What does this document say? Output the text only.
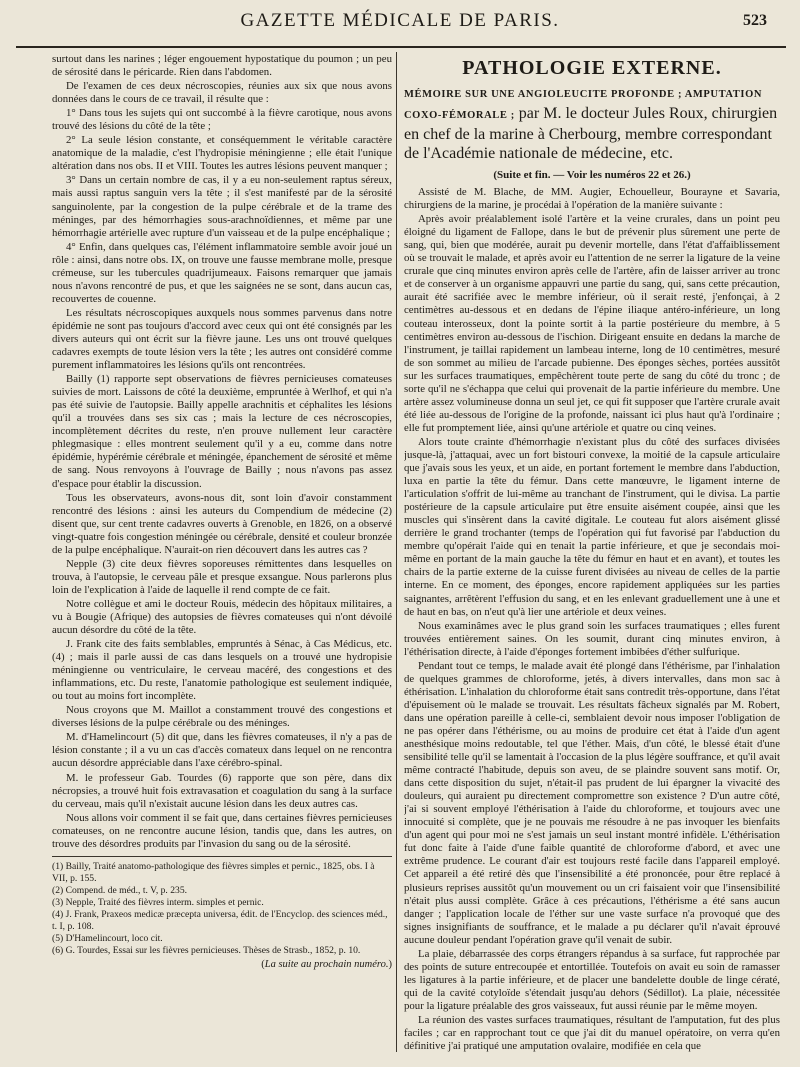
GAZETTE MÉDICALE DE PARIS.	523

surtout dans les narines ; léger engouement hypostatique du poumon ; un peu de sérosité dans le péricarde. Rien dans l'abdomen.

De l'examen de ces deux nécroscopies, réunies aux six que nous avons données dans le cours de ce travail, il résulte que :

1° Dans tous les sujets qui ont succombé à la fièvre carotique, nous avons trouvé des lésions du côté de la tête ;

2° La seule lésion constante, et conséquemment le véritable caractère anatomique de la maladie, c'est l'hydropisie méningienne ; elle était l'unique altération dans nos obs. II et VIII. Toutes les autres lésions peuvent manquer ;

3° Dans un certain nombre de cas, il y a eu non-seulement raptus séreux, mais aussi raptus sanguin vers la tête ; il s'est manifesté par de la sérosité sanguinolente, par la congestion de la pulpe cérébrale et de la trame des méninges, par des hémorrhagies sous-arachnoïdiennes, et même par une hémorrhagie artérielle avec rupture d'un vaisseau et de la pulpe encéphalique ;

4° Enfin, dans quelques cas, l'élément inflammatoire semble avoir joué un rôle : ainsi, dans notre obs. IX, on trouve une fausse membrane molle, presque crémeuse, sur les tubercules quadrijumeaux. Faisons remarquer que jamais nous n'avons rencontré de pus, et que les saignées ne se sont, dans aucun cas, recouvertes de couenne.

Les résultats nécroscopiques auxquels nous sommes parvenus dans notre épidémie ne sont pas toujours d'accord avec ceux qui ont été consignés par les divers auteurs qui ont écrit sur la fièvre jaune. Les uns ont trouvé quelques cadavres exempts de toute lésion vers la tête ; les autres ont considéré comme purement inflammatoires les lésions qu'ils ont rencontrées.

Bailly (1) rapporte sept observations de fièvres pernicieuses comateuses suivies de mort. Laissons de côté la deuxième, empruntée à Werlhof, et qui n'a pas été suivie de l'autopsie. Bailly appelle arachnitis et céphalites les lésions qu'il a trouvées dans ses six cas ; mais la lecture de ces nécroscopies, incomplètement décrites du reste, n'en prouve nullement leur caractère phlegmasique : elles montrent seulement qu'il y a eu, comme dans notre épidémie, hypérémie cérébrale et méningée, épanchement de sérosité et même de sang. Nous renvoyons à l'ouvrage de Bailly ; nous n'avons pas assez d'espace pour établir la discussion.

Tous les observateurs, avons-nous dit, sont loin d'avoir constamment rencontré des lésions : ainsi les auteurs du Compendium de médecine (2) disent que, sur cent trente cadavres ouverts à Grenoble, en 1826, on a observé vingt-quatre fois congestion méningée ou cérébrale, densité et couleur bronzée de la pulpe encéphalique. N'aurait-on rien découvert dans les autres cas ?

Nepple (3) cite deux fièvres soporeuses rémittentes dans lesquelles on trouva, à l'autopsie, le cerveau pâle et presque exsangue. Nous parlerons plus loin de l'explication à l'aide de laquelle il rend compte de ce fait.

Notre collègue et ami le docteur Rouis, médecin des hôpitaux militaires, a vu à Bougie (Afrique) des autopsies de fièvres comateuses qui n'ont dévoilé aucun désordre du côté de la tête.

J. Frank cite des faits semblables, empruntés à Sénac, à Cas Médicus, etc. (4) ; mais il parle aussi de cas dans lesquels on a trouvé une hydropisie méningienne ou ventriculaire, le cerveau macéré, des congestions et des inflammations, etc. Du reste, l'anatomie pathologique est seulement indiquée, ou tout au moins fort incomplète.

Nous croyons que M. Maillot a constamment trouvé des congestions et diverses lésions de la pulpe cérébrale ou des méninges.

M. d'Hamelincourt (5) dit que, dans les fièvres comateuses, il n'y a pas de lésion constante ; il a vu un cas d'accès comateux dans lequel on ne rencontra aucun désordre appréciable dans l'axe cérébro-spinal.

M. le professeur Gab. Tourdes (6) rapporte que son père, dans dix nécropsies, a trouvé huit fois extravasation et coagulation du sang à la surface du cerveau, mais qu'il n'existait aucune lésion dans les deux autres cas.

Nous allons voir comment il se fait que, dans certaines fièvres pernicieuses comateuses, on ne rencontre aucune lésion, tandis que, dans les autres, on trouve des désordres produits par l'invasion du sang ou de la sérosité.

(1) Bailly, Traité anatomo-pathologique des fièvres simples et pernic., 1825, obs. I à VII, p. 155.

(2) Compend. de méd., t. V, p. 235.

(3) Nepple, Traité des fièvres interm. simples et pernic.

(4) J. Frank, Praxeos medicæ præcepta universa, édit. de l'Encyclop. des sciences méd., t. I, p. 108.

(5) D'Hamelincourt, loco cit.

(6) G. Tourdes, Essai sur les fièvres pernicieuses. Thèses de Strasb., 1852, p. 10.

( La suite au prochain numéro. )
PATHOLOGIE EXTERNE.
MÉMOIRE SUR UNE ANGIOLEUCITE PROFONDE ; AMPUTATION COXO-FÉMORALE ; par M. le docteur Jules Roux, chirurgien en chef de la marine à Cherbourg, membre correspondant de l'Académie nationale de médecine, etc.
(Suite et fin. — Voir les numéros 22 et 26.)

Assisté de M. Blache, de MM. Augier, Echouelleur, Bourayne et Savaria, chirurgiens de la marine, je procédai à l'opération de la manière suivante :

Après avoir préalablement isolé l'artère et la veine crurales, dans un point peu éloigné du ligament de Fallope, dans le but de prévenir plus sûrement une perte de sang, qui, bien que modérée, aurait pu devenir mortelle, dans l'état d'affaiblissement où se trouvait le malade, et après avoir eu l'attention de ne serrer la ligature de la veine crurale que cinq minutes environ après celle de l'artère, afin de laisser arriver au tronc et de conserver à un organisme appauvri une partie du sang, qui, sans cette précaution, aurait été sacrifiée avec le membre inférieur, où il serait resté, j'enfonçai, à 2 centimètres au-dessous et en dedans de l'épine iliaque antéro-inférieure, un long couteau interosseux, dont la pointe sortit à la partie postérieure du membre, à 5 centimètres environ au-dessous de l'ischion. Dirigeant ensuite en dedans la marche de l'instrument, je taillai rapidement un lambeau interne, long de 10 centimètres, mesuré de son sommet au milieu de l'arcade pubienne. Des éponges sèches, portées aussitôt sur les surfaces traumatiques, empêchèrent toute perte de sang du côté du tronc ; de sorte qu'il ne s'échappa que celui qui provenait de la partie inférieure du membre. Une artère assez volumineuse donna un seul jet, ce qui fit supposer que l'artère crurale avait été liée au-dessous de l'origine de la profonde, naissant ici plus haut qu'à l'ordinaire ; elle fut promptement liée, ainsi qu'une artériole et quatre ou cinq veines.

Alors toute crainte d'hémorrhagie n'existant plus du côté des surfaces divisées jusque-là, j'attaquai, avec un fort bistouri convexe, la moitié de la capsule articulaire que j'avais sous les yeux, et un aide, en portant fortement le membre dans l'abduction, luxa en partie la tête du fémur. Dans cette manœuvre, le ligament interne de l'articulation s'offrit de lui-même au tranchant de l'instrument, qui le divisa. La partie postérieure de la capsule articulaire put être ensuite aisément coupée, ainsi que les muscles qui s'insèrent dans la cavité digitale. Le couteau fut alors aisément glissé derrière le grand trochanter (temps de l'opération qui fut favorisé par l'abduction du membre qu'opérait l'aide qui en tenait la partie inférieure, et que je secondais moi-même en portant de la main gauche la tête du fémur en haut et en avant), et toutes les chairs de la partie externe de la cuisse furent divisées au niveau de celles de la partie interne. En ce moment, des éponges, encore rapidement appliquées sur les parties saignantes, arrêtèrent l'effusion du sang, et en les enlevant graduellement une à une et de haut en bas, on n'eut qu'à lier une artériole et deux veines.

Nous examinâmes avec le plus grand soin les surfaces traumatiques ; elles furent trouvées entièrement saines. On les soumit, durant cinq minutes environ, à l'éthérisation directe, à l'aide d'éponges fortement imbibées d'éther sulfurique.

Pendant tout ce temps, le malade avait été plongé dans l'éthérisme, par l'inhalation de quelques grammes de chloroforme, jetés, à divers intervalles, dans mon sac à éthérisation. L'inhalation du chloroforme était sans contredit très-opportune, dans l'état d'épuisement où le malade se trouvait. Les résultats fâcheux signalés par M. Robert, dans une opération pareille à celle-ci, semblaient devoir nous imposer l'obligation de ne pas opérer dans l'éthérisme, ou au moins de produire cet état à l'aide d'un agent anesthésique moins redoutable, tel que l'éther. Mais, d'un côté, le blessé était d'une sensibilité telle qu'il se lamentait à l'occasion de la plus légère souffrance, et qu'il avait même contracté l'habitude, depuis son aveu, de se plaindre souvent sans motif. Or, dans cette disposition du sujet, n'était-il pas prudent de lui épargner la vivacité des douleurs, qui auraient pu directement compromettre son existence ? D'un autre côté, j'ai si souvent employé l'éthérisation à l'aide du chloroforme, et toujours avec une innocuité si complète, que je ne pouvais me résoudre à ne pas invoquer les bienfaits d'un agent qui pour moi ne s'est jamais un seul instant montré infidèle. L'éthérisation fut donc faite à l'aide d'une faible quantité de chloroforme d'abord, et avec une extrême prudence. Le courant d'air est toujours resté facile dans l'appareil employé. Cet appareil a été retiré dès que l'insensibilité a été prononcée, pour être replacé à plusieurs reprises aussitôt qu'un mouvement ou un cri faisaient voir que l'insensibilité n'était plus aussi complète. Grâce à ces précautions, l'éthérisme a été sans aucun danger ; l'application locale de l'éther sur une vaste surface n'a provoqué que des signes insignifiants de souffrance, et le malade a pu déclarer qu'il n'avait éprouvé aucune douleur pendant l'opération grave qu'il venait de subir.

La plaie, débarrassée des corps étrangers répandus à sa surface, fut rapprochée par des points de suture entrecoupée et entortillée. Toutefois on avait eu soin de ramasser les ligatures à la partie inférieure, et de placer une bandelette double de linge cératé, qui de la cavité cotyloïde s'étendait jusqu'au dehors (Sédillot). La plaie, nécessitée pour la ligature préalable des gros vaisseaux, fut aussi réunie par le même moyen.

La réunion des vastes surfaces traumatiques, résultant de l'amputation, fut des plus faciles ; car en rapprochant tout ce que j'ai dit du manuel opératoire, on verra qu'en définitive j'ai pratiqué une amputation ovalaire, modifiée en cela que
